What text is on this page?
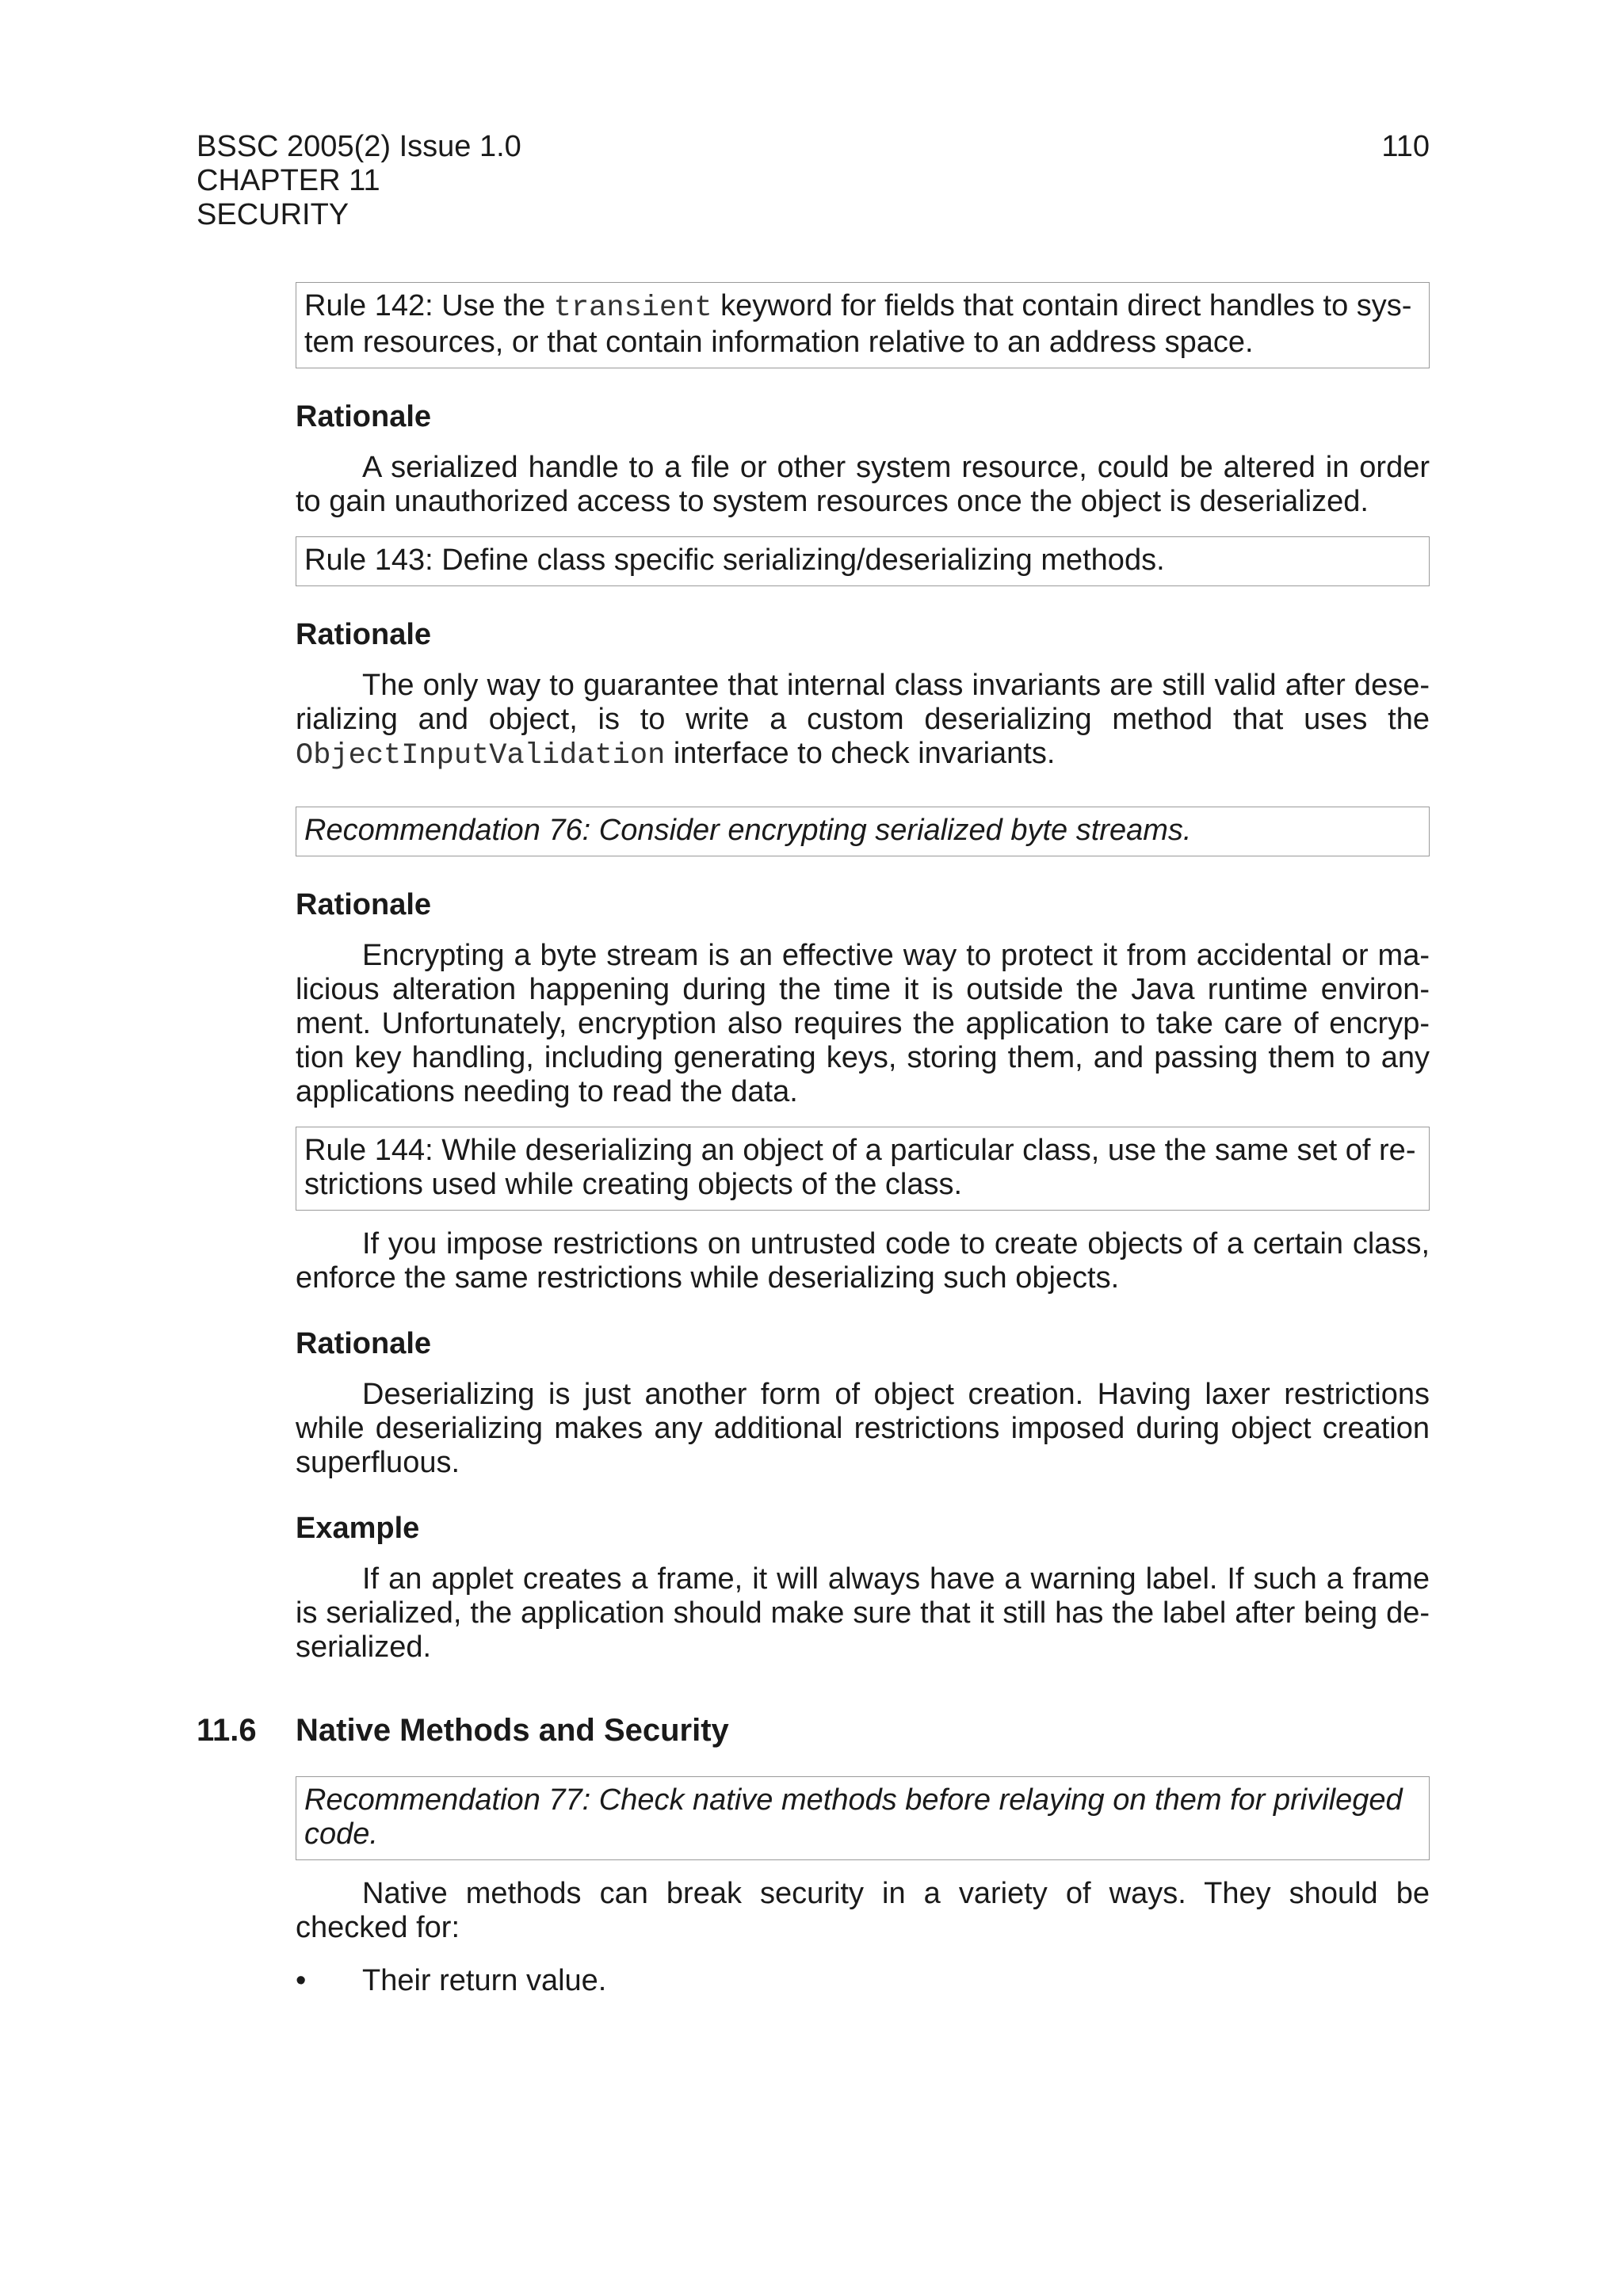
BSSC 2005(2) Issue 1.0
CHAPTER 11
SECURITY
110
Rule 142: Use the transient keyword for fields that contain direct handles to sys-tem resources, or that contain information relative to an address space.
Rationale

A serialized handle to a file or other system resource, could be altered in order to gain unauthorized access to system resources once the object is deserialized.

Rule 143: Define class specific serializing/deserializing methods.
Rationale

The only way to guarantee that internal class invariants are still valid after dese-rializing and object, is to write a custom deserializing method that uses the ObjectInputValidation interface to check invariants.

Recommendation 76: Consider encrypting serialized byte streams.
Rationale

Encrypting a byte stream is an effective way to protect it from accidental or ma-licious alteration happening during the time it is outside the Java runtime environ-ment. Unfortunately, encryption also requires the application to take care of encryp-tion key handling, including generating keys, storing them, and passing them to any applications needing to read the data.

Rule 144: While deserializing an object of a particular class, use the same set of re-strictions used while creating objects of the class.

If you impose restrictions on untrusted code to create objects of a certain class, enforce the same restrictions while deserializing such objects.

Rationale

Deserializing is just another form of object creation. Having laxer restrictions while deserializing makes any additional restrictions imposed during object creation superfluous.

Example

If an applet creates a frame, it will always have a warning label. If such a frame is serialized, the application should make sure that it still has the label after being de-serialized.

11.6 Native Methods and Security
Recommendation 77: Check native methods before relaying on them for privileged code.

Native methods can break security in a variety of ways. They should be checked for:

• Their return value.
